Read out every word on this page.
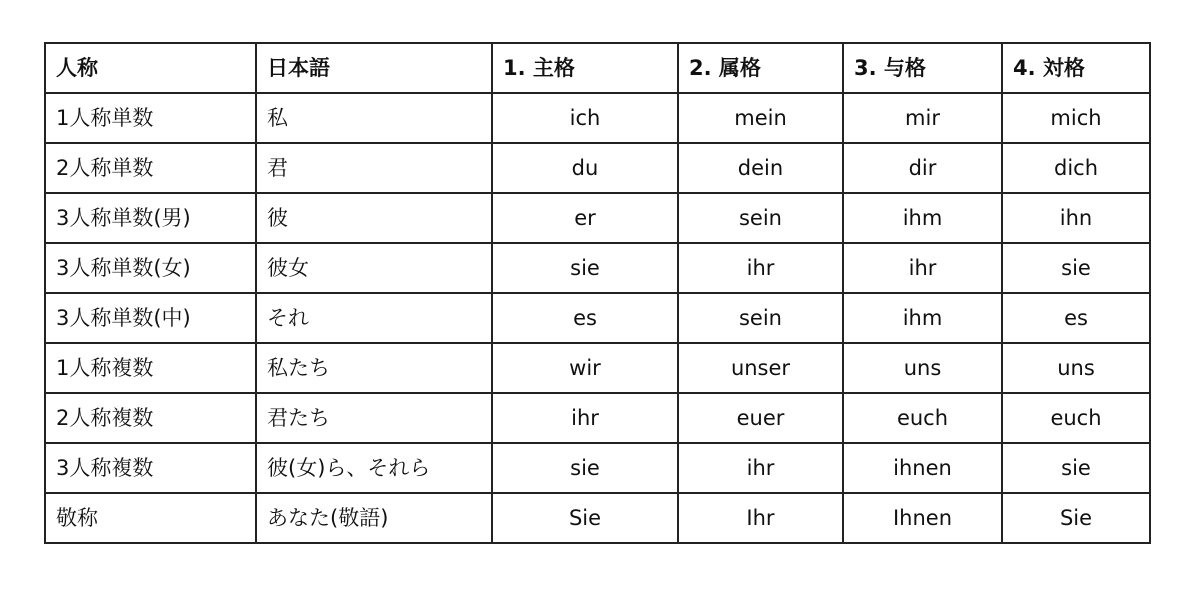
人称	日本語	1. 主格	2. 属格	3. 与格	4. 対格
1人称単数	私	ich	mein	mir	mich
2人称単数	君	du	dein	dir	dich
3人称単数(男)	彼	er	sein	ihm	ihn
3人称単数(女)	彼女	sie	ihr	ihr	sie
3人称単数(中)	それ	es	sein	ihm	es
1人称複数	私たち	wir	unser	uns	uns
2人称複数	君たち	ihr	euer	euch	euch
3人称複数	彼(女)ら、それら	sie	ihr	ihnen	sie
敬称	あなた(敬語)	Sie	Ihr	Ihnen	Sie
